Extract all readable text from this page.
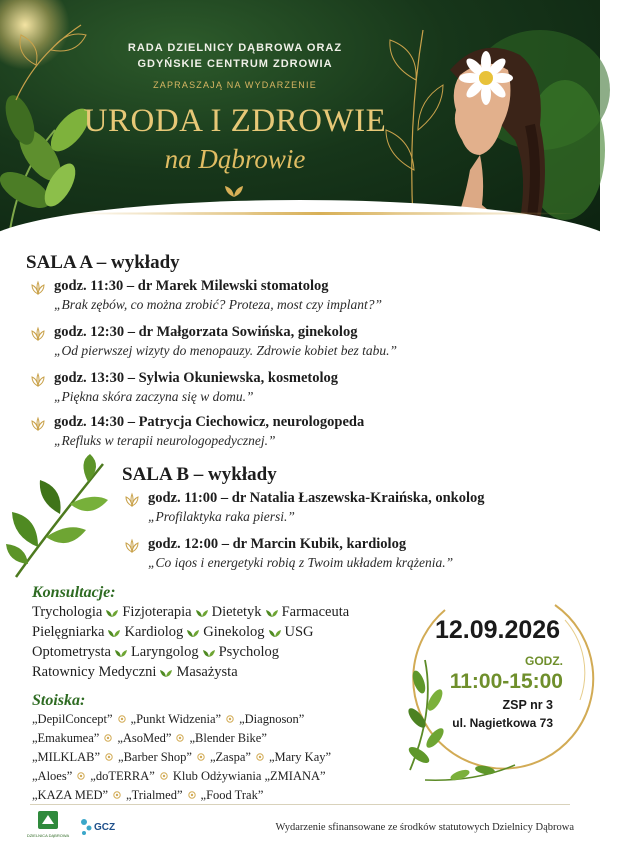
RADA DZIELNICY DĄBROWA ORAZ
GDYŃSKIE CENTRUM ZDROWIA
ZAPRASZAJĄ NA WYDARZENIE
URODA I ZDROWIE
na Dąbrowie
SALA A – wykłady
godz. 11:30 – dr Marek Milewski stomatolog
„Brak zębów, co można zrobić? Proteza, most czy implant?”
godz. 12:30 – dr Małgorzata Sowińska, ginekolog
„Od pierwszej wizyty do menopauzy. Zdrowie kobiet bez tabu.”
godz. 13:30 – Sylwia Okuniewska, kosmetolog
„Piękna skóra zaczyna się w domu.”
godz. 14:30 – Patrycja Ciechowicz, neurologopeda
„Refluks w terapii neurologopedycznej.”
SALA B – wykłady
godz. 11:00 – dr Natalia Łaszewska-Kraińska, onkolog
„Profilaktyka raka piersi.”
godz. 12:00 – dr Marcin Kubik, kardiolog
„Co iqos i energetyki robią z Twoim układem krążenia.”
Konsultacje:
Trychologia Fizjoterapia Dietetyk Farmaceuta
Pielęgniarka Kardiolog Ginekolog USG
Optometrysta Laryngolog Psycholog
Ratownicy Medyczni Masażysta
Stoiska:
„DepilConcept” „Punkt Widzenia” „Diagnoson”
„Emakumea” „AsoMed” „Blender Bike”
„MILKLAB” „Barber Shop” „Zaspa” „Mary Kay”
„Aloes” „doTERRA” Klub Odżywiania „ZMIANA”
„KAZA MED” „Trialmed” „Food Trak”
12.09.2026
GODZ.
11:00-15:00
ZSP nr 3
ul. Nagietkowa 73
DZIELNICA DĄBROWA
GCZ	Wydarzenie sfinansowane ze środków statutowych Dzielnicy Dąbrowa
